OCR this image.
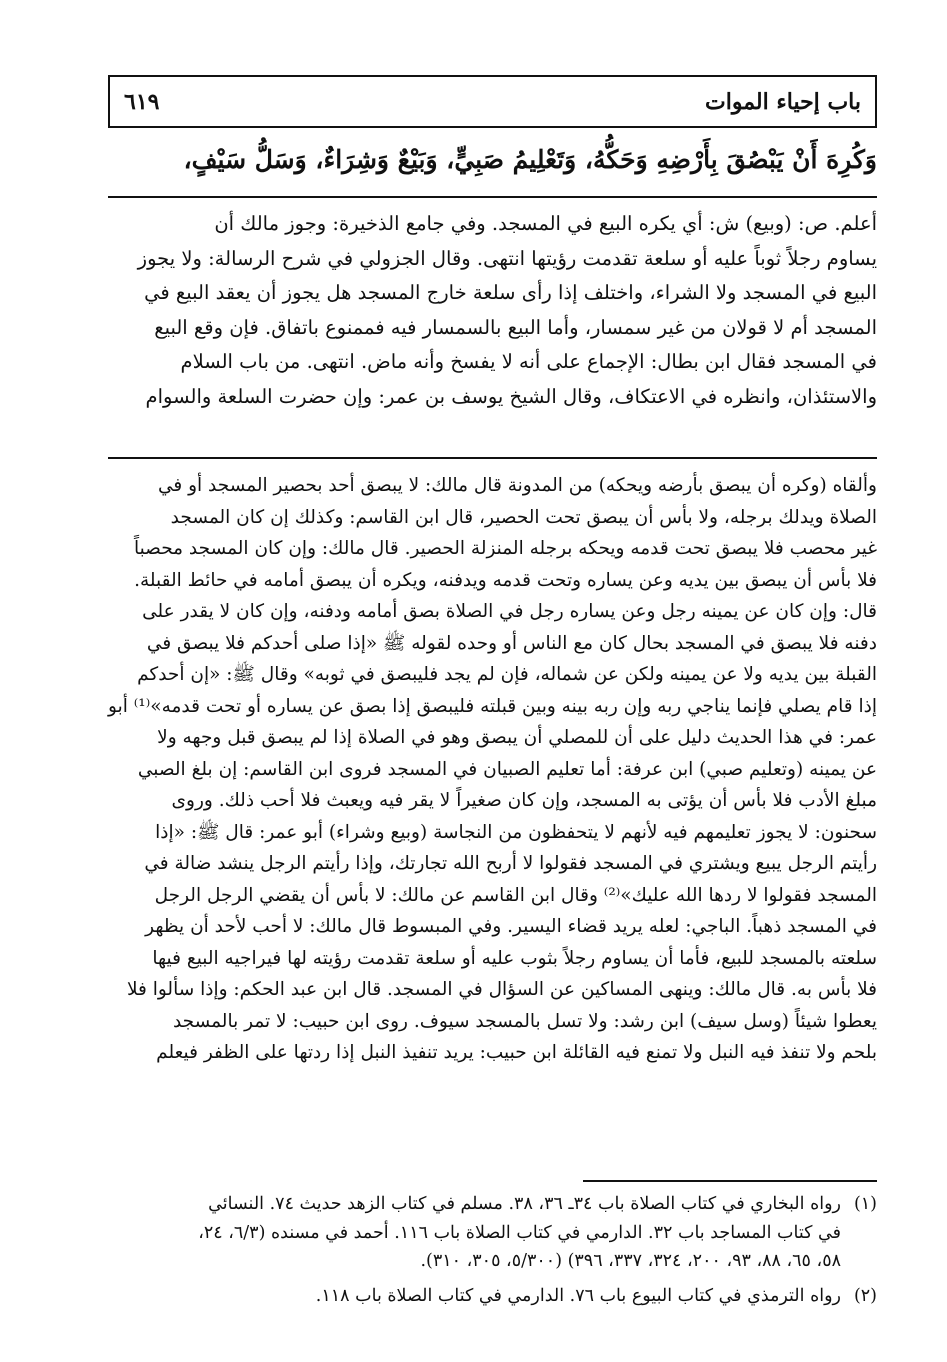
باب إحياء الموات
٦١٩
وَكُرِهَ أَنْ يَبْصُقَ بِأَرْضِهِ وَحَكُّهُ، وَتَعْلِيمُ صَبِيٍّ، وَبَيْعٌ وَشِرَاءٌ، وَسَلُّ سَيْفٍ،
أعلم. ص: (وبيع) ش: أي يكره البيع في المسجد. وفي جامع الذخيرة: وجوز مالك أن
يساوم رجلاً ثوباً عليه أو سلعة تقدمت رؤيتها انتهى. وقال الجزولي في شرح الرسالة: ولا يجوز
البيع في المسجد ولا الشراء، واختلف إذا رأى سلعة خارج المسجد هل يجوز أن يعقد البيع في
المسجد أم لا قولان من غير سمسار، وأما البيع بالسمسار فيه فممنوع باتفاق. فإن وقع البيع
في المسجد فقال ابن بطال: الإجماع على أنه لا يفسخ وأنه ماض. انتهى. من باب السلام
والاستئذان، وانظره في الاعتكاف، وقال الشيخ يوسف بن عمر: وإن حضرت السلعة والسوام
وألقاه (وكره أن يبصق بأرضه ويحكه) من المدونة قال مالك: لا يبصق أحد بحصير المسجد أو في
الصلاة ويدلك برجله، ولا بأس أن يبصق تحت الحصير، قال ابن القاسم: وكذلك إن كان المسجد
غير محصب فلا يبصق تحت قدمه ويحكه برجله المنزلة الحصير. قال مالك: وإن كان المسجد محصباً
فلا بأس أن يبصق بين يديه وعن يساره وتحت قدمه ويدفنه، ويكره أن يبصق أمامه في حائط القبلة.
قال: وإن كان عن يمينه رجل وعن يساره رجل في الصلاة بصق أمامه ودفنه، وإن كان لا يقدر على
دفنه فلا يبصق في المسجد بحال كان مع الناس أو وحده لقوله ﷺ «إذا صلى أحدكم فلا يبصق في
القبلة بين يديه ولا عن يمينه ولكن عن شماله، فإن لم يجد فليبصق في ثوبه» وقال ﷺ: «إن أحدكم
إذا قام يصلي فإنما يناجي ربه وإن ربه بينه وبين قبلته فليبصق إذا بصق عن يساره أو تحت قدمه»⁽¹⁾ أبو
عمر: في هذا الحديث دليل على أن للمصلي أن يبصق وهو في الصلاة إذا لم يبصق قبل وجهه ولا
عن يمينه (وتعليم صبي) ابن عرفة: أما تعليم الصبيان في المسجد فروى ابن القاسم: إن بلغ الصبي
مبلغ الأدب فلا بأس أن يؤتى به المسجد، وإن كان صغيراً لا يقر فيه ويعبث فلا أحب ذلك. وروى
سحنون: لا يجوز تعليمهم فيه لأنهم لا يتحفظون من النجاسة (وبيع وشراء) أبو عمر: قال ﷺ: «إذا
رأيتم الرجل يبيع ويشتري في المسجد فقولوا لا أربح الله تجارتك، وإذا رأيتم الرجل ينشد ضالة في
المسجد فقولوا لا ردها الله عليك»⁽²⁾ وقال ابن القاسم عن مالك: لا بأس أن يقضي الرجل الرجل
في المسجد ذهباً. الباجي: لعله يريد قضاء اليسير. وفي المبسوط قال مالك: لا أحب لأحد أن يظهر
سلعته بالمسجد للبيع، فأما أن يساوم رجلاً بثوب عليه أو سلعة تقدمت رؤيته لها فيراجيه البيع فيها
فلا بأس به. قال مالك: وينهى المساكين عن السؤال في المسجد. قال ابن عبد الحكم: وإذا سألوا فلا
يعطوا شيئاً (وسل سيف) ابن رشد: ولا تسل بالمسجد سيوف. روى ابن حبيب: لا تمر بالمسجد
بلحم ولا تنفذ فيه النبل ولا تمنع فيه القائلة ابن حبيب: يريد تنفيذ النبل إذا ردتها على الظفر فيعلم
(١)
رواه البخاري في كتاب الصلاة باب ٣٤ـ ٣٦، ٣٨. مسلم في كتاب الزهد حديث ٧٤. النسائي
في كتاب المساجد باب ٣٢. الدارمي في كتاب الصلاة باب ١١٦. أحمد في مسنده (٦/٣، ٢٤،
٥٨، ٦٥، ٨٨، ٩٣، ٢٠٠، ٣٢٤، ٣٣٧، ٣٩٦) (٥/٣٠٠، ٣٠٥، ٣١٠).
(٢)
رواه الترمذي في كتاب البيوع باب ٧٦. الدارمي في كتاب الصلاة باب ١١٨.
